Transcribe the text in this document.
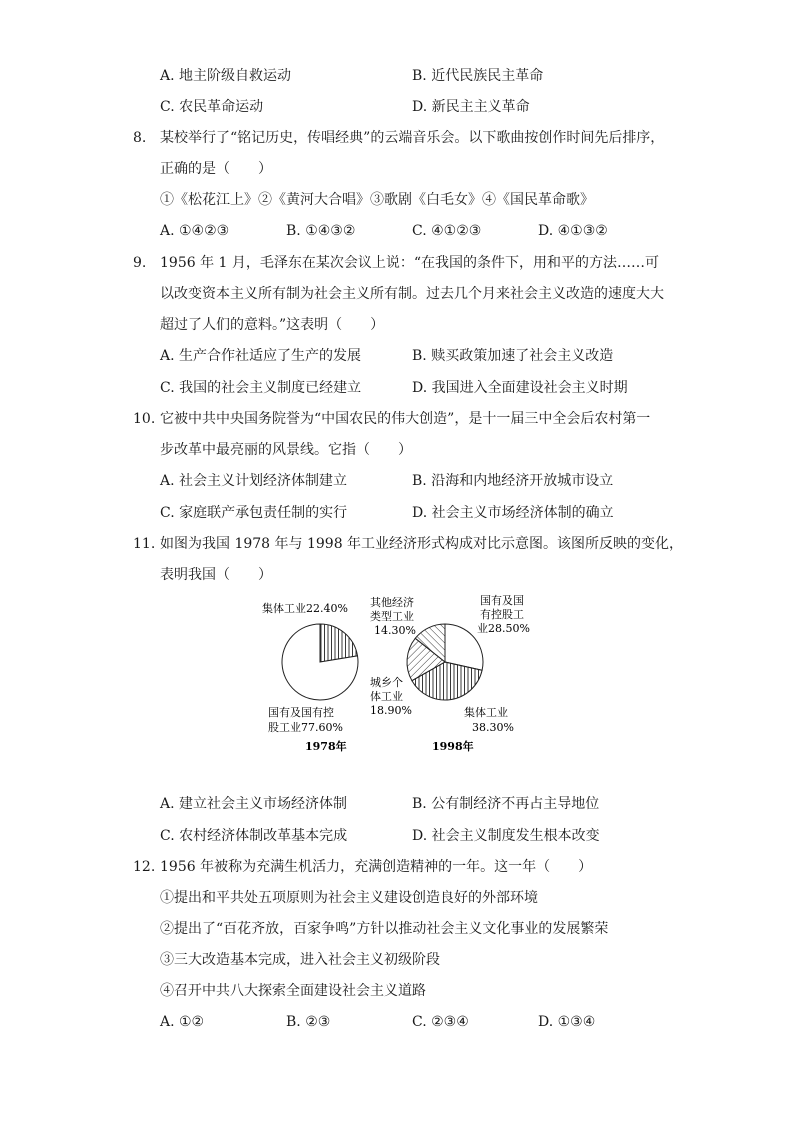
A. 地主阶级自救运动	B. 近代民族民主革命
C. 农民革命运动	D. 新民主主义革命
8. 某校举行了“铭记历史，传唱经典”的云端音乐会。以下歌曲按创作时间先后排序，
正确的是（　　）
①《松花江上》②《黄河大合唱》③歌剧《白毛女》④《国民革命歌》
A. ①④②③	B. ①④③②	C. ④①②③	D. ④①③②
9. 1956 年 1 月，毛泽东在某次会议上说：“在我国的条件下，用和平的方法……可
以改变资本主义所有制为社会主义所有制。过去几个月来社会主义改造的速度大大
超过了人们的意料。”这表明（　　）
A. 生产合作社适应了生产的发展	B. 赎买政策加速了社会主义改造
C. 我国的社会主义制度已经建立	D. 我国进入全面建设社会主义时期
10. 它被中共中央国务院誉为“中国农民的伟大创造”，是十一届三中全会后农村第一
步改革中最亮丽的风景线。它指（　　）
A. 社会主义计划经济体制建立	B. 沿海和内地经济开放城市设立
C. 家庭联产承包责任制的实行	D. 社会主义市场经济体制的确立
11. 如图为我国 1978 年与 1998 年工业经济形式构成对比示意图。该图所反映的变化，
表明我国（　　）
集体工业22.40%
国有及国有控
股工业77.60%
1978年
其他经济
类型工业
14.30%
国有及国
有控股工
业28.50%
城乡个
体工业
18.90%	集体工业
38.30%
1998年
A. 建立社会主义市场经济体制	B. 公有制经济不再占主导地位
C. 农村经济体制改革基本完成	D. 社会主义制度发生根本改变
12. 1956 年被称为充满生机活力，充满创造精神的一年。这一年（　　）
①提出和平共处五项原则为社会主义建设创造良好的外部环境
②提出了“百花齐放，百家争鸣”方针以推动社会主义文化事业的发展繁荣
③三大改造基本完成，进入社会主义初级阶段
④召开中共八大探索全面建设社会主义道路
A. ①②	B. ②③	C. ②③④	D. ①③④
